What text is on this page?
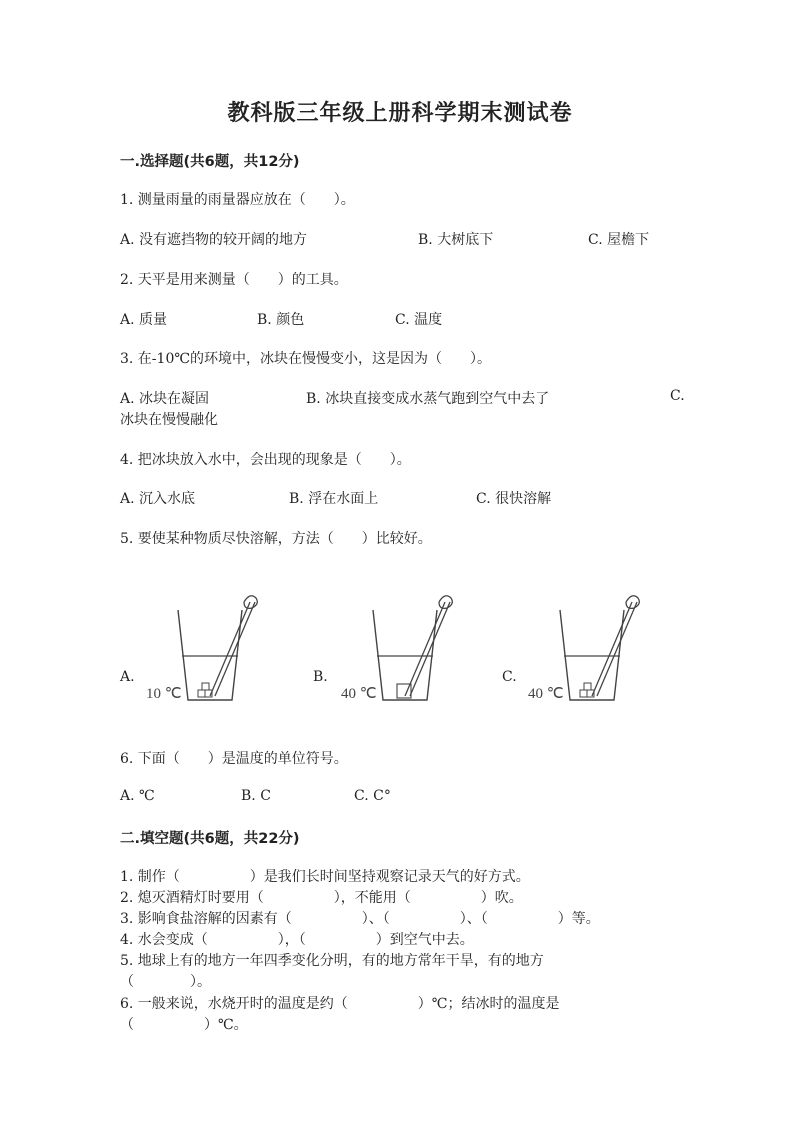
教科版三年级上册科学期末测试卷
一.选择题(共6题，共12分)
1. 测量雨量的雨量器应放在（　　）。
A. 没有遮挡物的较开阔的地方	B. 大树底下	C. 屋檐下
2. 天平是用来测量（　　）的工具。
A. 质量	B. 颜色	C. 温度
3. 在-10℃的环境中，冰块在慢慢变小，这是因为（　　）。
A. 冰块在凝固	B. 冰块直接变成水蒸气跑到空气中去了	C.
冰块在慢慢融化
4. 把冰块放入水中，会出现的现象是（　　）。
A. 沉入水底	B. 浮在水面上	C. 很快溶解
5. 要使某种物质尽快溶解，方法（　　）比较好。
A.	B.	C.
10 ℃	40 ℃	40 ℃
6. 下面（　　）是温度的单位符号。
A. ℃	B. C	C. C°
二.填空题(共6题，共22分)
1. 制作（　　　　　）是我们长时间坚持观察记录天气的好方式。
2. 熄灭酒精灯时要用（　　　　　），不能用（　　　　　）吹。
3. 影响食盐溶解的因素有（　　　　　）、（　　　　　）、（　　　　　）等。
4. 水会变成（　　　　　），（　　　　　）到空气中去。
5. 地球上有的地方一年四季变化分明，有的地方常年干旱，有的地方
（　　　　）。
6. 一般来说，水烧开时的温度是约（　　　　　）℃；结冰时的温度是
（　　　　　）℃。
